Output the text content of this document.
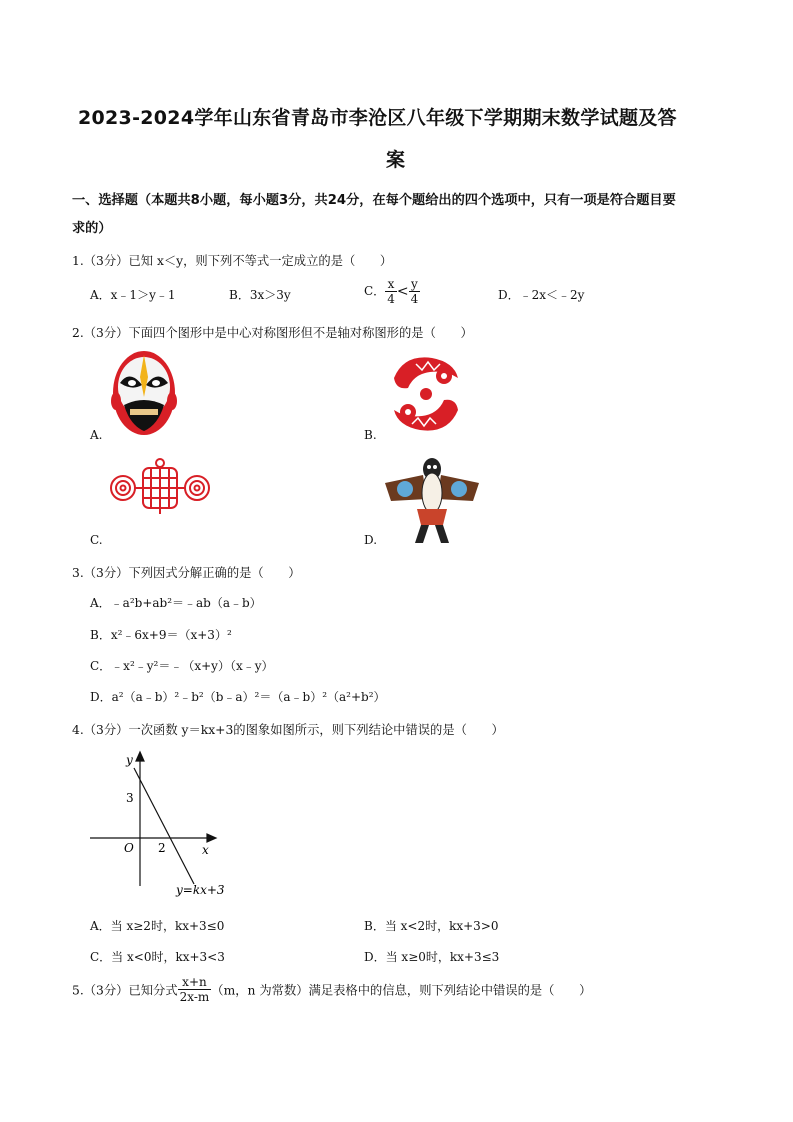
2023-2024学年山东省青岛市李沧区八年级下学期期末数学试题及答
案
一、选择题（本题共8小题，每小题3分，共24分，在每个题给出的四个选项中，只有一项是符合题目要
求的）
1.（3分）已知 x＜y，则下列不等式一定成立的是（　　）
A．x﹣1＞y﹣1	B．3x＞3y	C． $\frac{x}{4} < \frac{y}{4}$	D．﹣2x＜﹣2y
2.（3分）下面四个图形中是中心对称图形但不是轴对称图形的是（　　）
A.	B.
C.	D.
3.（3分）下列因式分解正确的是（　　）
A．﹣a²b+ab²＝﹣ab（a﹣b）
B．x²﹣6x+9＝（x+3）²
C．﹣x²﹣y²＝﹣（x+y）（x﹣y）
D．a²（a﹣b）²﹣b²（b﹣a）²＝（a﹣b）²（a²+b²）
4.（3分）一次函数 y＝kx+3的图象如图所示，则下列结论中错误的是（　　）
y
x
O
3
2
y=kx+3
A．当 x≥2时，kx+3≤0	B．当 x<2时，kx+3>0
C．当 x<0时，kx+3<3	D．当 x≥0时，kx+3≤3
5.（3分）已知分式 $\frac{x+n}{2x-m} (m$，n 为常数）满足表格中的信息，则下列结论中错误的是（　　）
